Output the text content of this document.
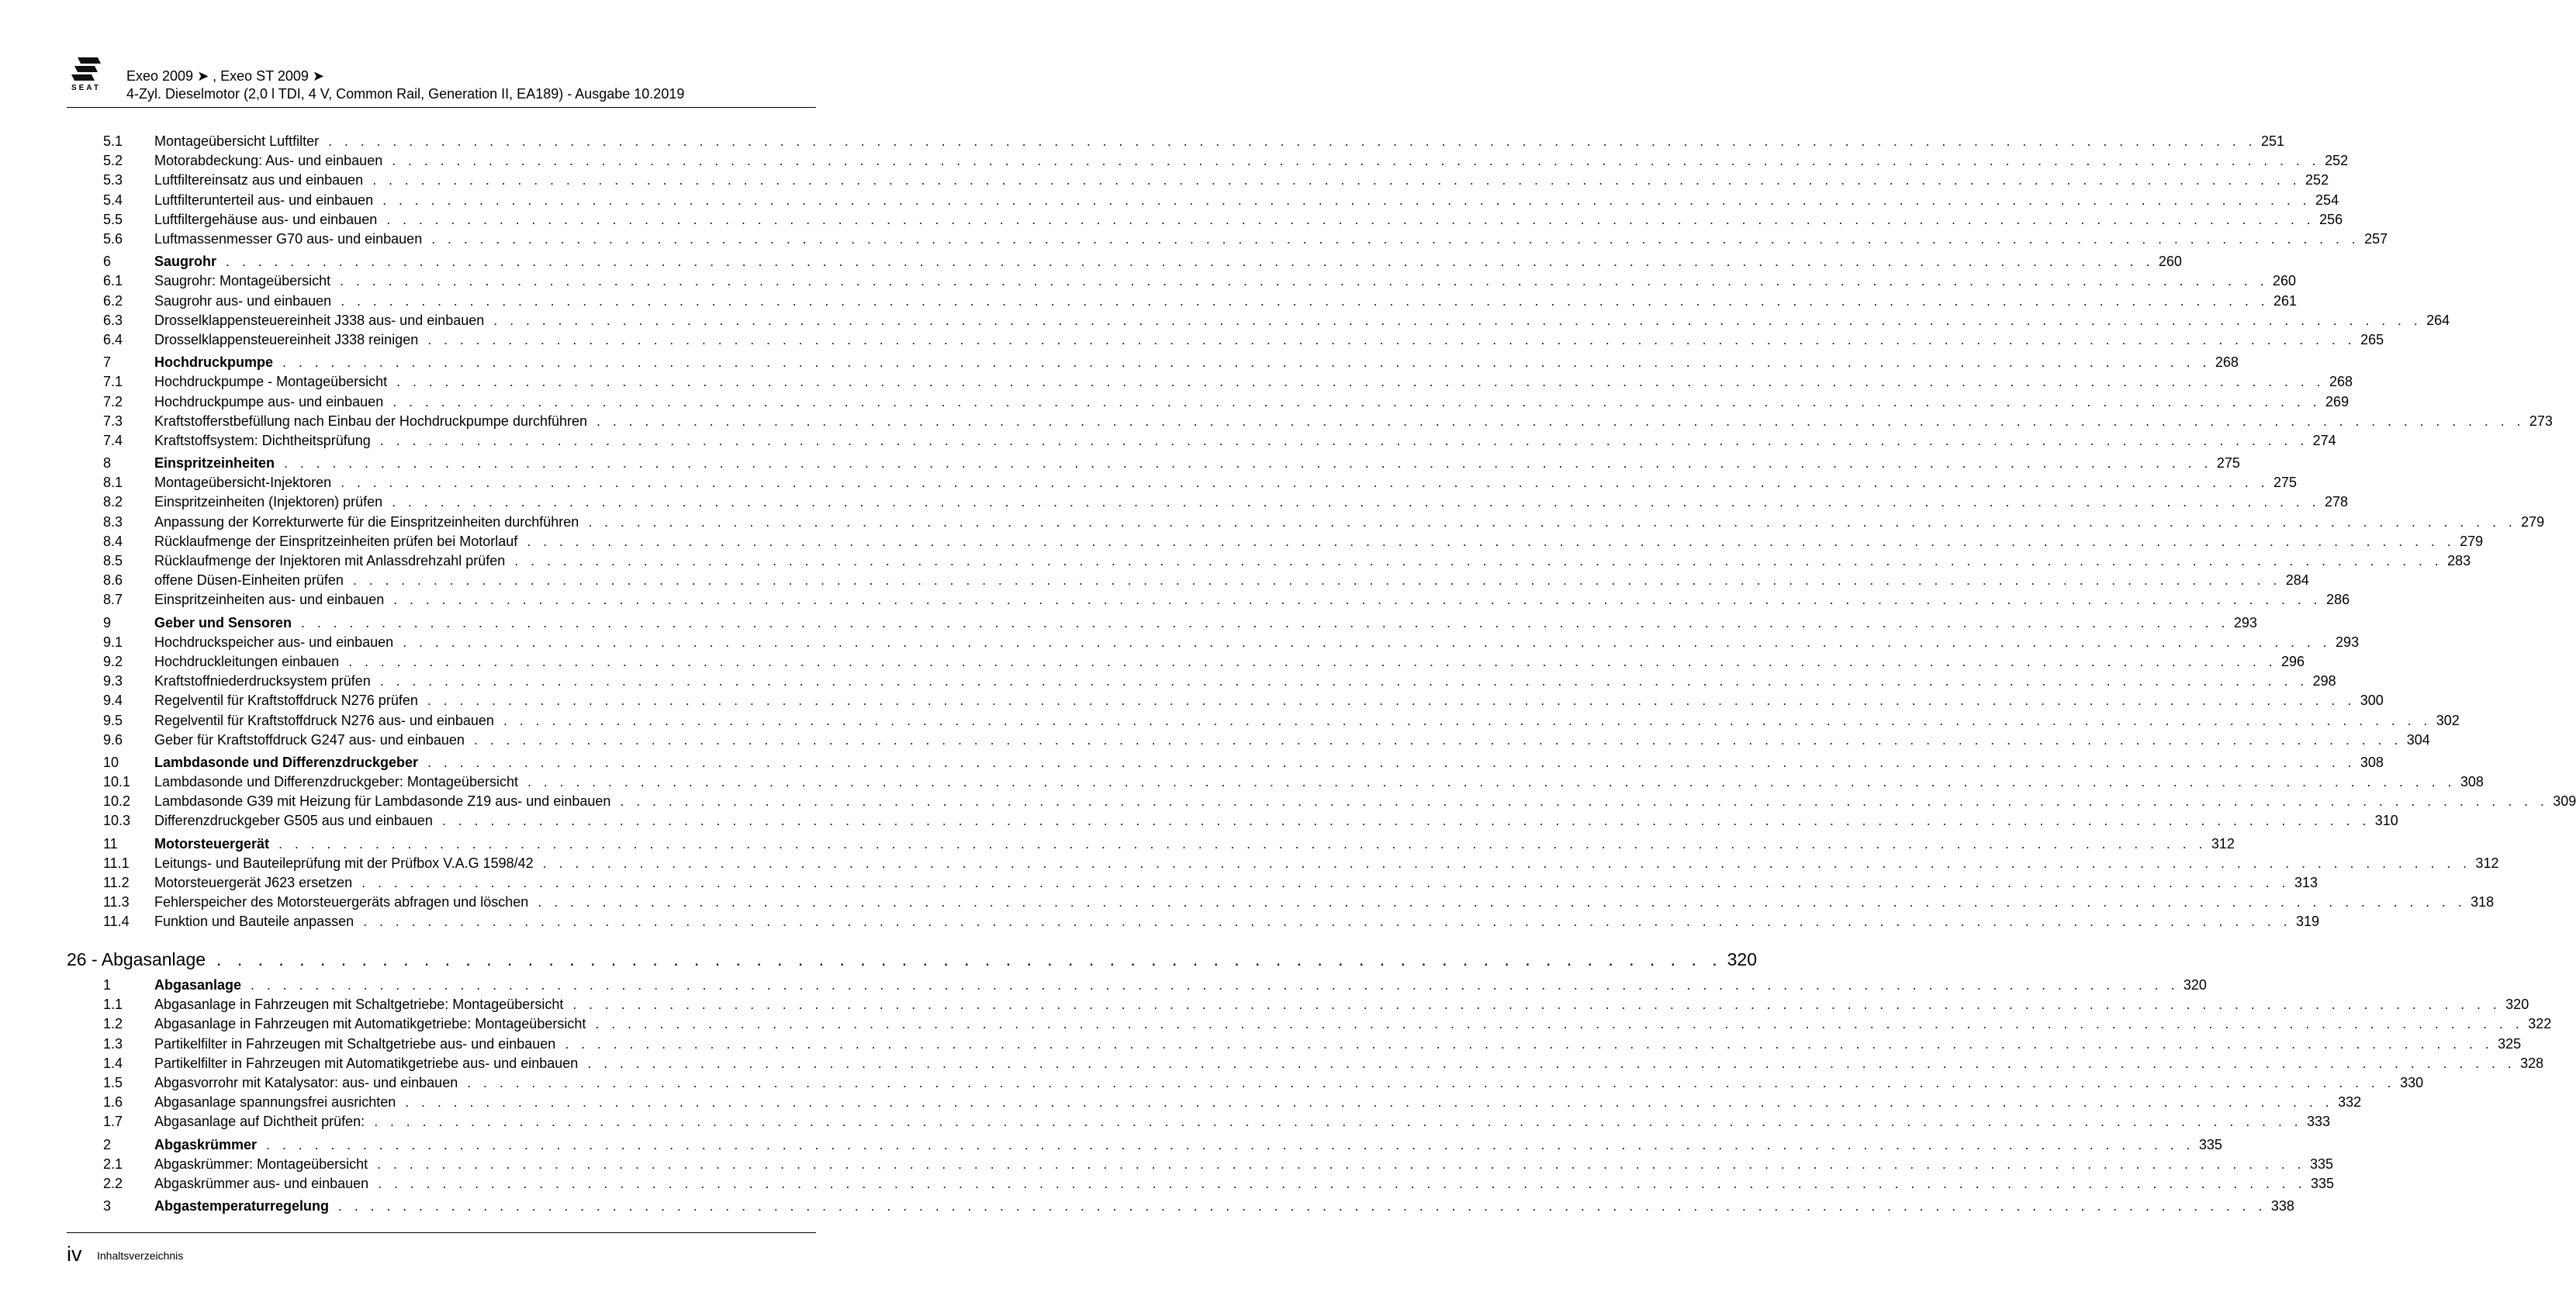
SEAT
Exeo 2009 ➤ , Exeo ST 2009 ➤
4-Zyl. Dieselmotor (2,0 l TDI, 4 V, Common Rail, Generation II, EA189) - Ausgabe 10.2019
5.1	Montageübersicht Luftfilter . . . . . . . . . . . . . . . . . . . . . . . . . . . . . . . . . . . . . . . . . . . . . . . . . . . . . . . . . . . . . . . . . . . . . . . . . . . . . . . . . . . . . . . . . . . . . . . . . . . . . . . . . . . . . . . . . . . . . . . . 251
5.2	Motorabdeckung: Aus- und einbauen . . . . . . . . . . . . . . . . . . . . . . . . . . . . . . . . . . . . . . . . . . . . . . . . . . . . . . . . . . . . . . . . . . . . . . . . . . . . . . . . . . . . . . . . . . . . . . . . . . . . . . . . . . . . . . . . . . . . . . . . 252
5.3	Luftfiltereinsatz aus und einbauen . . . . . . . . . . . . . . . . . . . . . . . . . . . . . . . . . . . . . . . . . . . . . . . . . . . . . . . . . . . . . . . . . . . . . . . . . . . . . . . . . . . . . . . . . . . . . . . . . . . . . . . . . . . . . . . . . . . . . . . . 252
5.4	Luftfilterunterteil aus- und einbauen . . . . . . . . . . . . . . . . . . . . . . . . . . . . . . . . . . . . . . . . . . . . . . . . . . . . . . . . . . . . . . . . . . . . . . . . . . . . . . . . . . . . . . . . . . . . . . . . . . . . . . . . . . . . . . . . . . . . . . . . 254
5.5	Luftfiltergehäuse aus- und einbauen . . . . . . . . . . . . . . . . . . . . . . . . . . . . . . . . . . . . . . . . . . . . . . . . . . . . . . . . . . . . . . . . . . . . . . . . . . . . . . . . . . . . . . . . . . . . . . . . . . . . . . . . . . . . . . . . . . . . . . . . 256
5.6	Luftmassenmesser G70 aus- und einbauen . . . . . . . . . . . . . . . . . . . . . . . . . . . . . . . . . . . . . . . . . . . . . . . . . . . . . . . . . . . . . . . . . . . . . . . . . . . . . . . . . . . . . . . . . . . . . . . . . . . . . . . . . . . . . . . . . . . . . . . . 257
6	Saugrohr . . . . . . . . . . . . . . . . . . . . . . . . . . . . . . . . . . . . . . . . . . . . . . . . . . . . . . . . . . . . . . . . . . . . . . . . . . . . . . . . . . . . . . . . . . . . . . . . . . . . . . . . . . . . . . . . . . . . . . . . 260
6.1	Saugrohr: Montageübersicht . . . . . . . . . . . . . . . . . . . . . . . . . . . . . . . . . . . . . . . . . . . . . . . . . . . . . . . . . . . . . . . . . . . . . . . . . . . . . . . . . . . . . . . . . . . . . . . . . . . . . . . . . . . . . . . . . . . . . . . . 260
6.2	Saugrohr aus- und einbauen . . . . . . . . . . . . . . . . . . . . . . . . . . . . . . . . . . . . . . . . . . . . . . . . . . . . . . . . . . . . . . . . . . . . . . . . . . . . . . . . . . . . . . . . . . . . . . . . . . . . . . . . . . . . . . . . . . . . . . . . 261
6.3	Drosselklappensteuereinheit J338 aus- und einbauen . . . . . . . . . . . . . . . . . . . . . . . . . . . . . . . . . . . . . . . . . . . . . . . . . . . . . . . . . . . . . . . . . . . . . . . . . . . . . . . . . . . . . . . . . . . . . . . . . . . . . . . . . . . . . . . . . . . . . . . . 264
6.4	Drosselklappensteuereinheit J338 reinigen . . . . . . . . . . . . . . . . . . . . . . . . . . . . . . . . . . . . . . . . . . . . . . . . . . . . . . . . . . . . . . . . . . . . . . . . . . . . . . . . . . . . . . . . . . . . . . . . . . . . . . . . . . . . . . . . . . . . . . . . 265
7	Hochdruckpumpe . . . . . . . . . . . . . . . . . . . . . . . . . . . . . . . . . . . . . . . . . . . . . . . . . . . . . . . . . . . . . . . . . . . . . . . . . . . . . . . . . . . . . . . . . . . . . . . . . . . . . . . . . . . . . . . . . . . . . . . . 268
7.1	Hochdruckpumpe - Montageübersicht . . . . . . . . . . . . . . . . . . . . . . . . . . . . . . . . . . . . . . . . . . . . . . . . . . . . . . . . . . . . . . . . . . . . . . . . . . . . . . . . . . . . . . . . . . . . . . . . . . . . . . . . . . . . . . . . . . . . . . . . 268
7.2	Hochdruckpumpe aus- und einbauen . . . . . . . . . . . . . . . . . . . . . . . . . . . . . . . . . . . . . . . . . . . . . . . . . . . . . . . . . . . . . . . . . . . . . . . . . . . . . . . . . . . . . . . . . . . . . . . . . . . . . . . . . . . . . . . . . . . . . . . . 269
7.3	Kraftstofferstbefüllung nach Einbau der Hochdruckpumpe durchführen . . . . . . . . . . . . . . . . . . . . . . . . . . . . . . . . . . . . . . . . . . . . . . . . . . . . . . . . . . . . . . . . . . . . . . . . . . . . . . . . . . . . . . . . . . . . . . . . . . . . . . . . . . . . . . . . . . . . . . . . 273
7.4	Kraftstoffsystem: Dichtheitsprüfung . . . . . . . . . . . . . . . . . . . . . . . . . . . . . . . . . . . . . . . . . . . . . . . . . . . . . . . . . . . . . . . . . . . . . . . . . . . . . . . . . . . . . . . . . . . . . . . . . . . . . . . . . . . . . . . . . . . . . . . . 274
8	Einspritzeinheiten . . . . . . . . . . . . . . . . . . . . . . . . . . . . . . . . . . . . . . . . . . . . . . . . . . . . . . . . . . . . . . . . . . . . . . . . . . . . . . . . . . . . . . . . . . . . . . . . . . . . . . . . . . . . . . . . . . . . . . . . 275
8.1	Montageübersicht-Injektoren . . . . . . . . . . . . . . . . . . . . . . . . . . . . . . . . . . . . . . . . . . . . . . . . . . . . . . . . . . . . . . . . . . . . . . . . . . . . . . . . . . . . . . . . . . . . . . . . . . . . . . . . . . . . . . . . . . . . . . . . 275
8.2	Einspritzeinheiten (Injektoren) prüfen . . . . . . . . . . . . . . . . . . . . . . . . . . . . . . . . . . . . . . . . . . . . . . . . . . . . . . . . . . . . . . . . . . . . . . . . . . . . . . . . . . . . . . . . . . . . . . . . . . . . . . . . . . . . . . . . . . . . . . . . 278
8.3	Anpassung der Korrekturwerte für die Einspritzeinheiten durchführen . . . . . . . . . . . . . . . . . . . . . . . . . . . . . . . . . . . . . . . . . . . . . . . . . . . . . . . . . . . . . . . . . . . . . . . . . . . . . . . . . . . . . . . . . . . . . . . . . . . . . . . . . . . . . . . . . . . . . . . . 279
8.4	Rücklaufmenge der Einspritzeinheiten prüfen bei Motorlauf . . . . . . . . . . . . . . . . . . . . . . . . . . . . . . . . . . . . . . . . . . . . . . . . . . . . . . . . . . . . . . . . . . . . . . . . . . . . . . . . . . . . . . . . . . . . . . . . . . . . . . . . . . . . . . . . . . . . . . . . 279
8.5	Rücklaufmenge der Injektoren mit Anlassdrehzahl prüfen . . . . . . . . . . . . . . . . . . . . . . . . . . . . . . . . . . . . . . . . . . . . . . . . . . . . . . . . . . . . . . . . . . . . . . . . . . . . . . . . . . . . . . . . . . . . . . . . . . . . . . . . . . . . . . . . . . . . . . . . 283
8.6	offene Düsen-Einheiten prüfen . . . . . . . . . . . . . . . . . . . . . . . . . . . . . . . . . . . . . . . . . . . . . . . . . . . . . . . . . . . . . . . . . . . . . . . . . . . . . . . . . . . . . . . . . . . . . . . . . . . . . . . . . . . . . . . . . . . . . . . . 284
8.7	Einspritzeinheiten aus- und einbauen . . . . . . . . . . . . . . . . . . . . . . . . . . . . . . . . . . . . . . . . . . . . . . . . . . . . . . . . . . . . . . . . . . . . . . . . . . . . . . . . . . . . . . . . . . . . . . . . . . . . . . . . . . . . . . . . . . . . . . . . 286
9	Geber und Sensoren . . . . . . . . . . . . . . . . . . . . . . . . . . . . . . . . . . . . . . . . . . . . . . . . . . . . . . . . . . . . . . . . . . . . . . . . . . . . . . . . . . . . . . . . . . . . . . . . . . . . . . . . . . . . . . . . . . . . . . . . 293
9.1	Hochdruckspeicher aus- und einbauen . . . . . . . . . . . . . . . . . . . . . . . . . . . . . . . . . . . . . . . . . . . . . . . . . . . . . . . . . . . . . . . . . . . . . . . . . . . . . . . . . . . . . . . . . . . . . . . . . . . . . . . . . . . . . . . . . . . . . . . . 293
9.2	Hochdruckleitungen einbauen . . . . . . . . . . . . . . . . . . . . . . . . . . . . . . . . . . . . . . . . . . . . . . . . . . . . . . . . . . . . . . . . . . . . . . . . . . . . . . . . . . . . . . . . . . . . . . . . . . . . . . . . . . . . . . . . . . . . . . . . 296
9.3	Kraftstoffniederdrucksystem prüfen . . . . . . . . . . . . . . . . . . . . . . . . . . . . . . . . . . . . . . . . . . . . . . . . . . . . . . . . . . . . . . . . . . . . . . . . . . . . . . . . . . . . . . . . . . . . . . . . . . . . . . . . . . . . . . . . . . . . . . . . 298
9.4	Regelventil für Kraftstoffdruck N276 prüfen . . . . . . . . . . . . . . . . . . . . . . . . . . . . . . . . . . . . . . . . . . . . . . . . . . . . . . . . . . . . . . . . . . . . . . . . . . . . . . . . . . . . . . . . . . . . . . . . . . . . . . . . . . . . . . . . . . . . . . . . 300
9.5	Regelventil für Kraftstoffdruck N276 aus- und einbauen . . . . . . . . . . . . . . . . . . . . . . . . . . . . . . . . . . . . . . . . . . . . . . . . . . . . . . . . . . . . . . . . . . . . . . . . . . . . . . . . . . . . . . . . . . . . . . . . . . . . . . . . . . . . . . . . . . . . . . . . 302
9.6	Geber für Kraftstoffdruck G247 aus- und einbauen . . . . . . . . . . . . . . . . . . . . . . . . . . . . . . . . . . . . . . . . . . . . . . . . . . . . . . . . . . . . . . . . . . . . . . . . . . . . . . . . . . . . . . . . . . . . . . . . . . . . . . . . . . . . . . . . . . . . . . . . 304
10	Lambdasonde und Differenzdruckgeber . . . . . . . . . . . . . . . . . . . . . . . . . . . . . . . . . . . . . . . . . . . . . . . . . . . . . . . . . . . . . . . . . . . . . . . . . . . . . . . . . . . . . . . . . . . . . . . . . . . . . . . . . . . . . . . . . . . . . . . . 308
10.1	Lambdasonde und Differenzdruckgeber: Montageübersicht . . . . . . . . . . . . . . . . . . . . . . . . . . . . . . . . . . . . . . . . . . . . . . . . . . . . . . . . . . . . . . . . . . . . . . . . . . . . . . . . . . . . . . . . . . . . . . . . . . . . . . . . . . . . . . . . . . . . . . . . 308
10.2	Lambdasonde G39 mit Heizung für Lambdasonde Z19 aus- und einbauen . . . . . . . . . . . . . . . . . . . . . . . . . . . . . . . . . . . . . . . . . . . . . . . . . . . . . . . . . . . . . . . . . . . . . . . . . . . . . . . . . . . . . . . . . . . . . . . . . . . . . . . . . . . . . . . . . . . . . . . . 309
10.3	Differenzdruckgeber G505 aus und einbauen . . . . . . . . . . . . . . . . . . . . . . . . . . . . . . . . . . . . . . . . . . . . . . . . . . . . . . . . . . . . . . . . . . . . . . . . . . . . . . . . . . . . . . . . . . . . . . . . . . . . . . . . . . . . . . . . . . . . . . . . 310
11	Motorsteuergerät . . . . . . . . . . . . . . . . . . . . . . . . . . . . . . . . . . . . . . . . . . . . . . . . . . . . . . . . . . . . . . . . . . . . . . . . . . . . . . . . . . . . . . . . . . . . . . . . . . . . . . . . . . . . . . . . . . . . . . . . 312
11.1	Leitungs- und Bauteileprüfung mit der Prüfbox V.A.G 1598/42 . . . . . . . . . . . . . . . . . . . . . . . . . . . . . . . . . . . . . . . . . . . . . . . . . . . . . . . . . . . . . . . . . . . . . . . . . . . . . . . . . . . . . . . . . . . . . . . . . . . . . . . . . . . . . . . . . . . . . . . . 312
11.2	Motorsteuergerät J623 ersetzen . . . . . . . . . . . . . . . . . . . . . . . . . . . . . . . . . . . . . . . . . . . . . . . . . . . . . . . . . . . . . . . . . . . . . . . . . . . . . . . . . . . . . . . . . . . . . . . . . . . . . . . . . . . . . . . . . . . . . . . . 313
11.3	Fehlerspeicher des Motorsteuergeräts abfragen und löschen . . . . . . . . . . . . . . . . . . . . . . . . . . . . . . . . . . . . . . . . . . . . . . . . . . . . . . . . . . . . . . . . . . . . . . . . . . . . . . . . . . . . . . . . . . . . . . . . . . . . . . . . . . . . . . . . . . . . . . . . 318
11.4	Funktion und Bauteile anpassen . . . . . . . . . . . . . . . . . . . . . . . . . . . . . . . . . . . . . . . . . . . . . . . . . . . . . . . . . . . . . . . . . . . . . . . . . . . . . . . . . . . . . . . . . . . . . . . . . . . . . . . . . . . . . . . . . . . . . . . . 319
26 - Abgasanlage . . . . . . . . . . . . . . . . . . . . . . . . . . . . . . . . . . . . . . . . . . . . . . . . . . . . . . . . . . . . . . . . . . . . . . . . . 320
1	Abgasanlage . . . . . . . . . . . . . . . . . . . . . . . . . . . . . . . . . . . . . . . . . . . . . . . . . . . . . . . . . . . . . . . . . . . . . . . . . . . . . . . . . . . . . . . . . . . . . . . . . . . . . . . . . . . . . . . . . . . . . . . . 320
1.1	Abgasanlage in Fahrzeugen mit Schaltgetriebe: Montageübersicht . . . . . . . . . . . . . . . . . . . . . . . . . . . . . . . . . . . . . . . . . . . . . . . . . . . . . . . . . . . . . . . . . . . . . . . . . . . . . . . . . . . . . . . . . . . . . . . . . . . . . . . . . . . . . . . . . . . . . . . . 320
1.2	Abgasanlage in Fahrzeugen mit Automatikgetriebe: Montageübersicht . . . . . . . . . . . . . . . . . . . . . . . . . . . . . . . . . . . . . . . . . . . . . . . . . . . . . . . . . . . . . . . . . . . . . . . . . . . . . . . . . . . . . . . . . . . . . . . . . . . . . . . . . . . . . . . . . . . . . . . . 322
1.3	Partikelfilter in Fahrzeugen mit Schaltgetriebe aus- und einbauen . . . . . . . . . . . . . . . . . . . . . . . . . . . . . . . . . . . . . . . . . . . . . . . . . . . . . . . . . . . . . . . . . . . . . . . . . . . . . . . . . . . . . . . . . . . . . . . . . . . . . . . . . . . . . . . . . . . . . . . . 325
1.4	Partikelfilter in Fahrzeugen mit Automatikgetriebe aus- und einbauen . . . . . . . . . . . . . . . . . . . . . . . . . . . . . . . . . . . . . . . . . . . . . . . . . . . . . . . . . . . . . . . . . . . . . . . . . . . . . . . . . . . . . . . . . . . . . . . . . . . . . . . . . . . . . . . . . . . . . . . . 328
1.5	Abgasvorrohr mit Katalysator: aus- und einbauen . . . . . . . . . . . . . . . . . . . . . . . . . . . . . . . . . . . . . . . . . . . . . . . . . . . . . . . . . . . . . . . . . . . . . . . . . . . . . . . . . . . . . . . . . . . . . . . . . . . . . . . . . . . . . . . . . . . . . . . . 330
1.6	Abgasanlage spannungsfrei ausrichten . . . . . . . . . . . . . . . . . . . . . . . . . . . . . . . . . . . . . . . . . . . . . . . . . . . . . . . . . . . . . . . . . . . . . . . . . . . . . . . . . . . . . . . . . . . . . . . . . . . . . . . . . . . . . . . . . . . . . . . . 332
1.7	Abgasanlage auf Dichtheit prüfen: . . . . . . . . . . . . . . . . . . . . . . . . . . . . . . . . . . . . . . . . . . . . . . . . . . . . . . . . . . . . . . . . . . . . . . . . . . . . . . . . . . . . . . . . . . . . . . . . . . . . . . . . . . . . . . . . . . . . . . . . 333
2	Abgaskrümmer . . . . . . . . . . . . . . . . . . . . . . . . . . . . . . . . . . . . . . . . . . . . . . . . . . . . . . . . . . . . . . . . . . . . . . . . . . . . . . . . . . . . . . . . . . . . . . . . . . . . . . . . . . . . . . . . . . . . . . . . 335
2.1	Abgaskrümmer: Montageübersicht . . . . . . . . . . . . . . . . . . . . . . . . . . . . . . . . . . . . . . . . . . . . . . . . . . . . . . . . . . . . . . . . . . . . . . . . . . . . . . . . . . . . . . . . . . . . . . . . . . . . . . . . . . . . . . . . . . . . . . . . 335
2.2	Abgaskrümmer aus- und einbauen . . . . . . . . . . . . . . . . . . . . . . . . . . . . . . . . . . . . . . . . . . . . . . . . . . . . . . . . . . . . . . . . . . . . . . . . . . . . . . . . . . . . . . . . . . . . . . . . . . . . . . . . . . . . . . . . . . . . . . . . 335
3	Abgastemperaturregelung . . . . . . . . . . . . . . . . . . . . . . . . . . . . . . . . . . . . . . . . . . . . . . . . . . . . . . . . . . . . . . . . . . . . . . . . . . . . . . . . . . . . . . . . . . . . . . . . . . . . . . . . . . . . . . . . . . . . . . . . 338
iv Inhaltsverzeichnis
